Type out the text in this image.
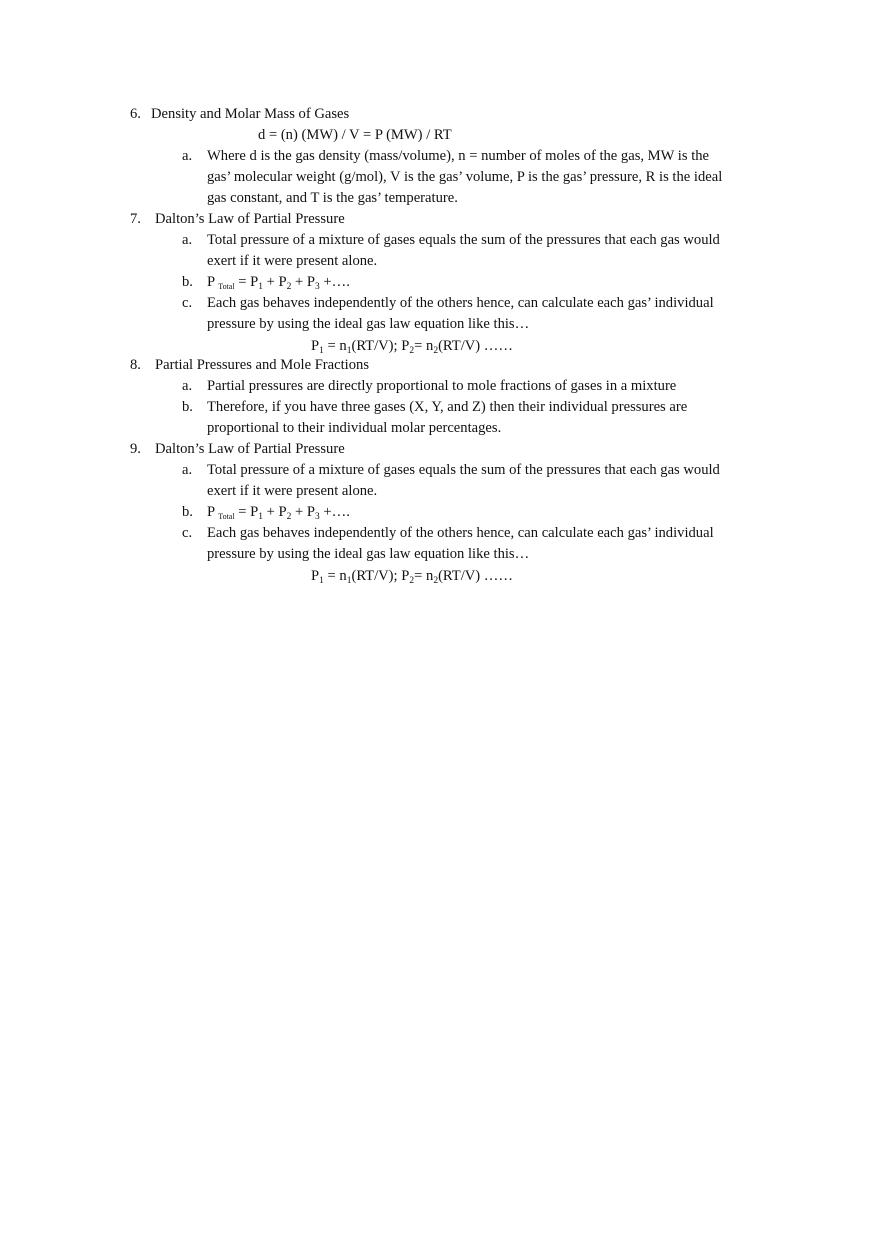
6. Density and Molar Mass of Gases
d = (n) (MW) / V = P (MW) / RT
a. Where d is the gas density (mass/volume), n = number of moles of the gas, MW is the
gas’ molecular weight (g/mol), V is the gas’ volume, P is the gas’ pressure, R is the ideal
gas constant, and T is the gas’ temperature.
7. Dalton’s Law of Partial Pressure
a. Total pressure of a mixture of gases equals the sum of the pressures that each gas would
exert if it were present alone.
b. P $_{Total} = P_1 + P_2 + P_3$ +….
c. Each gas behaves independently of the others hence, can calculate each gas’ individual
pressure by using the ideal gas law equation like this…
$P_1 = n_1(RT/V)$; $P_2= n_2(RT/V)$ ……
8. Partial Pressures and Mole Fractions
a. Partial pressures are directly proportional to mole fractions of gases in a mixture
b. Therefore, if you have three gases (X, Y, and Z) then their individual pressures are
proportional to their individual molar percentages.
9. Dalton’s Law of Partial Pressure
a. Total pressure of a mixture of gases equals the sum of the pressures that each gas would
exert if it were present alone.
b. P $_{Total} = P_1 + P_2 + P_3$ +….
c. Each gas behaves independently of the others hence, can calculate each gas’ individual
pressure by using the ideal gas law equation like this…
$P_1 = n_1(RT/V)$; $P_2= n_2(RT/V)$ ……
